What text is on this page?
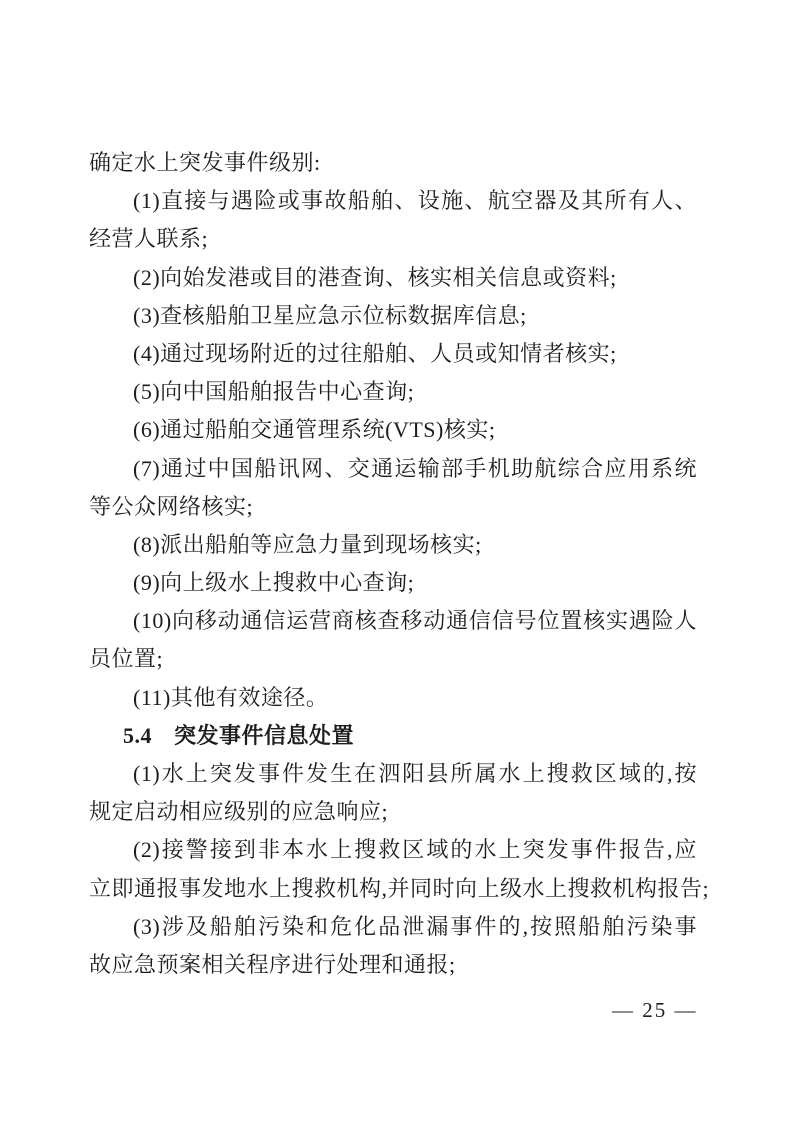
确定水上突发事件级别:
(1)直接与遇险或事故船舶、设施、航空器及其所有人、
经营人联系;
(2)向始发港或目的港查询、核实相关信息或资料;
(3)查核船舶卫星应急示位标数据库信息;
(4)通过现场附近的过往船舶、人员或知情者核实;
(5)向中国船舶报告中心查询;
(6)通过船舶交通管理系统(VTS)核实;
(7)通过中国船讯网、交通运输部手机助航综合应用系统
等公众网络核实;
(8)派出船舶等应急力量到现场核实;
(9)向上级水上搜救中心查询;
(10)向移动通信运营商核查移动通信信号位置核实遇险人
员位置;
(11)其他有效途径。
5.4 突发事件信息处置
(1)水上突发事件发生在泗阳县所属水上搜救区域的,按
规定启动相应级别的应急响应;
(2)接警接到非本水上搜救区域的水上突发事件报告,应
立即通报事发地水上搜救机构,并同时向上级水上搜救机构报告;
(3)涉及船舶污染和危化品泄漏事件的,按照船舶污染事
故应急预案相关程序进行处理和通报;
— 25 —
